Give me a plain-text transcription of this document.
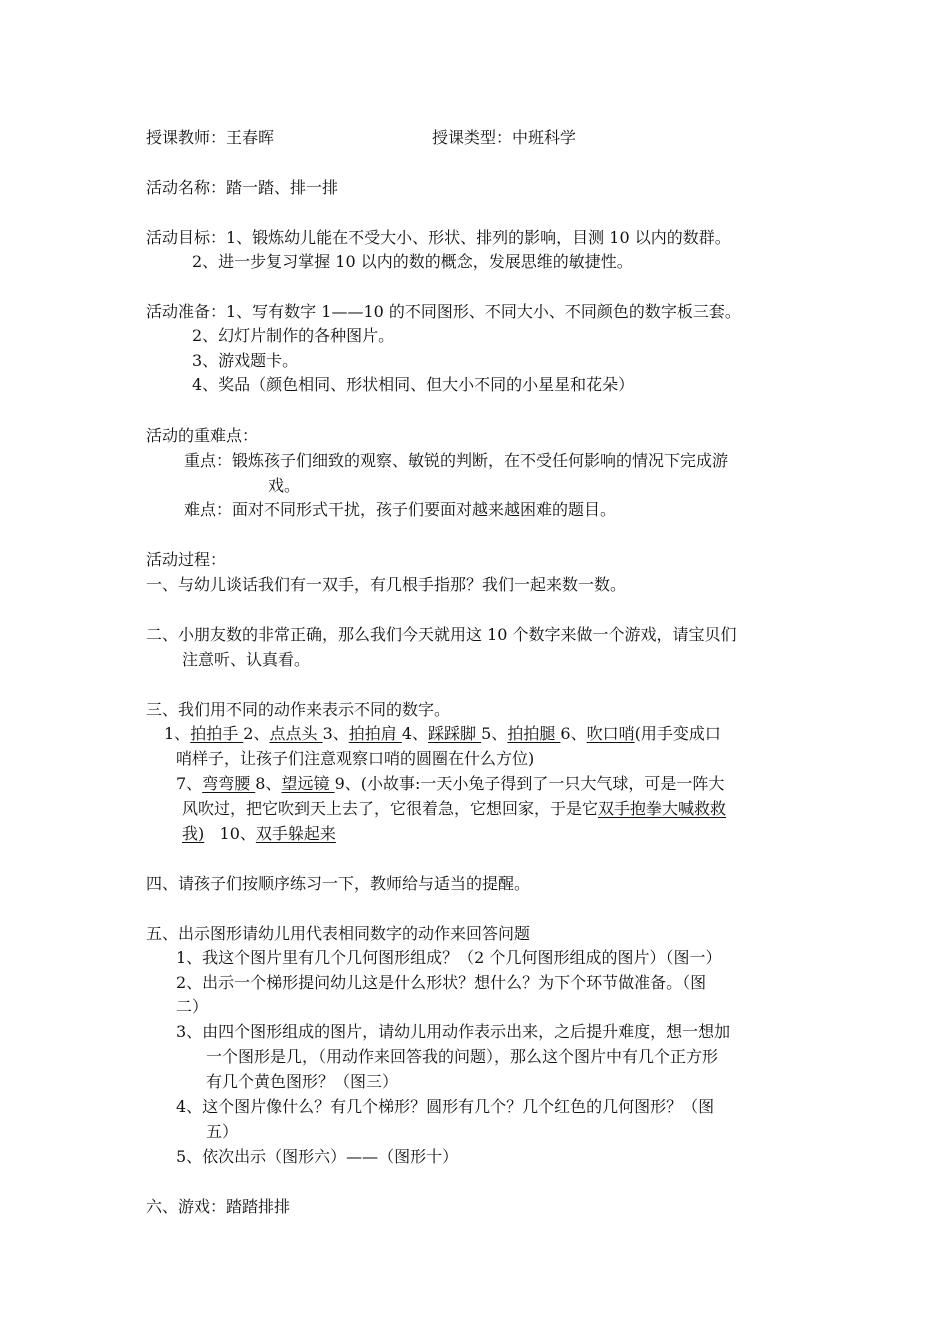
授课教师：王春晖	授课类型：中班科学
活动名称：踏一踏、排一排
活动目标：1、锻炼幼儿能在不受大小、形状、排列的影响，目测 10 以内的数群。
2、进一步复习掌握 10 以内的数的概念，发展思维的敏捷性。
活动准备：1、写有数字 1——10 的不同图形、不同大小、不同颜色的数字板三套。
2、幻灯片制作的各种图片。
3、游戏题卡。
4、奖品（颜色相同、形状相同、但大小不同的小星星和花朵）
活动的重难点：
重点：锻炼孩子们细致的观察、敏锐的判断，在不受任何影响的情况下完成游
戏。
难点：面对不同形式干扰，孩子们要面对越来越困难的题目。
活动过程：
一、与幼儿谈话我们有一双手，有几根手指那？我们一起来数一数。
二、小朋友数的非常正确，那么我们今天就用这 10 个数字来做一个游戏，请宝贝们
注意听、认真看。
三、我们用不同的动作来表示不同的数字。
1、拍拍手 2、点点头 3、拍拍肩 4、踩踩脚 5、拍拍腿 6、吹口哨(用手变成口
哨样子，让孩子们注意观察口哨的圆圈在什么方位)
7、弯弯腰 8、望远镜 9、(小故事:一天小兔子得到了一只大气球，可是一阵大
风吹过，把它吹到天上去了，它很着急，它想回家，于是它双手抱拳大喊救救
我) 10、双手躲起来
四、请孩子们按顺序练习一下，教师给与适当的提醒。
五、出示图形请幼儿用代表相同数字的动作来回答问题
1、我这个图片里有几个几何图形组成？（2 个几何图形组成的图片）（图一）
2、出示一个梯形提问幼儿这是什么形状？想什么？为下个环节做准备。（图
二）
3、由四个图形组成的图片，请幼儿用动作表示出来，之后提升难度，想一想加
一个图形是几，（用动作来回答我的问题），那么这个图片中有几个正方形
有几个黄色图形？（图三）
4、这个图片像什么？有几个梯形？圆形有几个？几个红色的几何图形？（图
五）
5、依次出示（图形六）——（图形十）
六、游戏：踏踏排排
